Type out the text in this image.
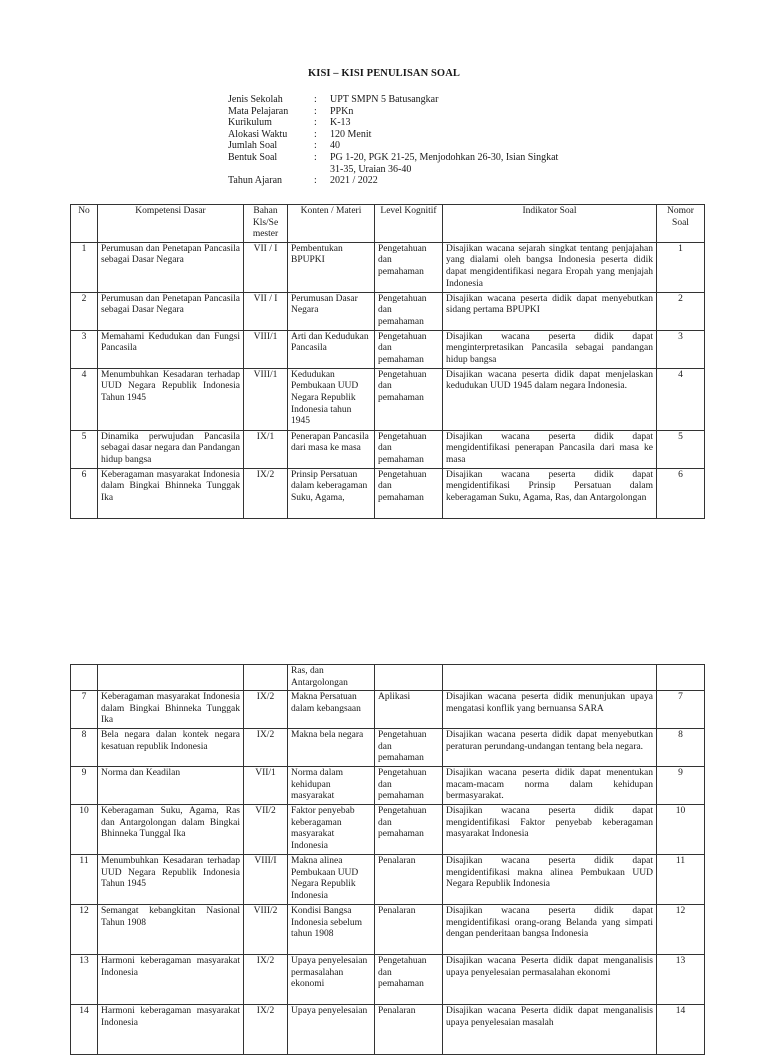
KISI – KISI PENULISAN SOAL
Jenis Sekolah	:	UPT SMPN 5 Batusangkar
Mata Pelajaran	:	PPKn
Kurikulum	:	K-13
Alokasi Waktu	:	120 Menit
Jumlah Soal	:	40
Bentuk Soal	:	PG 1-20, PGK 21-25, Menjodohkan 26-30, Isian Singkat 31-35, Uraian 36-40
Tahun Ajaran	:	2021 / 2022
No	Kompetensi Dasar	Bahan Kls/Se mester	Konten / Materi	Level Kognitif	Indikator Soal	Nomor Soal
1	Perumusan dan Penetapan Pancasila sebagai Dasar Negara	VII / I	Pembentukan BPUPKI	Pengetahuan dan pemahaman	Disajikan wacana sejarah singkat tentang penjajahan yang dialami oleh bangsa Indonesia peserta didik dapat mengidentifikasi negara Eropah yang menjajah Indonesia	1
2	Perumusan dan Penetapan Pancasila sebagai Dasar Negara	VII / I	Perumusan Dasar Negara	Pengetahuan dan pemahaman	Disajikan wacana peserta didik dapat menyebutkan sidang pertama BPUPKI	2
3	Memahami Kedudukan dan Fungsi Pancasila	VIII/1	Arti dan Kedudukan Pancasila	Pengetahuan dan pemahaman	Disajikan wacana peserta didik dapat menginterpretasikan Pancasila sebagai pandangan hidup bangsa	3
4	Menumbuhkan Kesadaran terhadap UUD Negara Republik Indonesia Tahun 1945	VIII/1	Kedudukan Pembukaan UUD Negara Republik Indonesia tahun 1945	Pengetahuan dan pemahaman	Disajikan wacana peserta didik dapat menjelaskan kedudukan UUD 1945 dalam negara Indonesia.	4
5	Dinamika perwujudan Pancasila sebagai dasar negara dan Pandangan hidup bangsa	IX/1	Penerapan Pancasila dari masa ke masa	Pengetahuan dan pemahaman	Disajikan wacana peserta didik dapat mengidentifikasi penerapan Pancasila dari masa ke masa	5
6	Keberagaman masyarakat Indonesia dalam Bingkai Bhinneka Tunggak Ika	IX/2	Prinsip Persatuan dalam keberagaman Suku, Agama,	Pengetahuan dan pemahaman	Disajikan wacana peserta didik dapat mengidentifikasi Prinsip Persatuan dalam keberagaman Suku, Agama, Ras, dan Antargolongan	6
			Ras, dan Antargolongan			
7	Keberagaman masyarakat Indonesia dalam Bingkai Bhinneka Tunggak Ika	IX/2	Makna Persatuan dalam kebangsaan	Aplikasi	Disajikan wacana peserta didik menunjukan upaya mengatasi konflik yang bernuansa SARA	7
8	Bela negara dalan kontek negara kesatuan republik Indonesia	IX/2	Makna bela negara	Pengetahuan dan pemahaman	Disajikan wacana peserta didik dapat menyebutkan peraturan perundang-undangan tentang bela negara.	8
9	Norma dan Keadilan	VII/1	Norma dalam kehidupan masyarakat	Pengetahuan dan pemahaman	Disajikan wacana peserta didik dapat menentukan macam-macam norma dalam kehidupan bermasyarakat.	9
10	Keberagaman Suku, Agama, Ras dan Antargolongan dalam Bingkai Bhinneka Tunggal Ika	VII/2	Faktor penyebab keberagaman masyarakat Indonesia	Pengetahuan dan pemahaman	Disajikan wacana peserta didik dapat mengidentifikasi Faktor penyebab keberagaman masyarakat Indonesia	10
11	Menumbuhkan Kesadaran terhadap UUD Negara Republik Indonesia Tahun 1945	VIII/I	Makna alinea Pembukaan UUD Negara Republik Indonesia	Penalaran	Disajikan wacana peserta didik dapat mengidentifikasi makna alinea Pembukaan UUD Negara Republik Indonesia	11
12	Semangat kebangkitan Nasional Tahun 1908	VIII/2	Kondisi Bangsa Indonesia sebelum tahun 1908	Penalaran	Disajikan wacana peserta didik dapat mengidentifikasi orang-orang Belanda yang simpati dengan penderitaan bangsa Indonesia	12
13	Harmoni keberagaman masyarakat Indonesia	IX/2	Upaya penyelesaian permasalahan ekonomi	Pengetahuan dan pemahaman	Disajikan wacana Peserta didik dapat menganalisis upaya penyelesaian permasalahan ekonomi	13
14	Harmoni keberagaman masyarakat Indonesia	IX/2	Upaya penyelesaian	Penalaran	Disajikan wacana Peserta didik dapat menganalisis upaya penyelesaian masalah	14
